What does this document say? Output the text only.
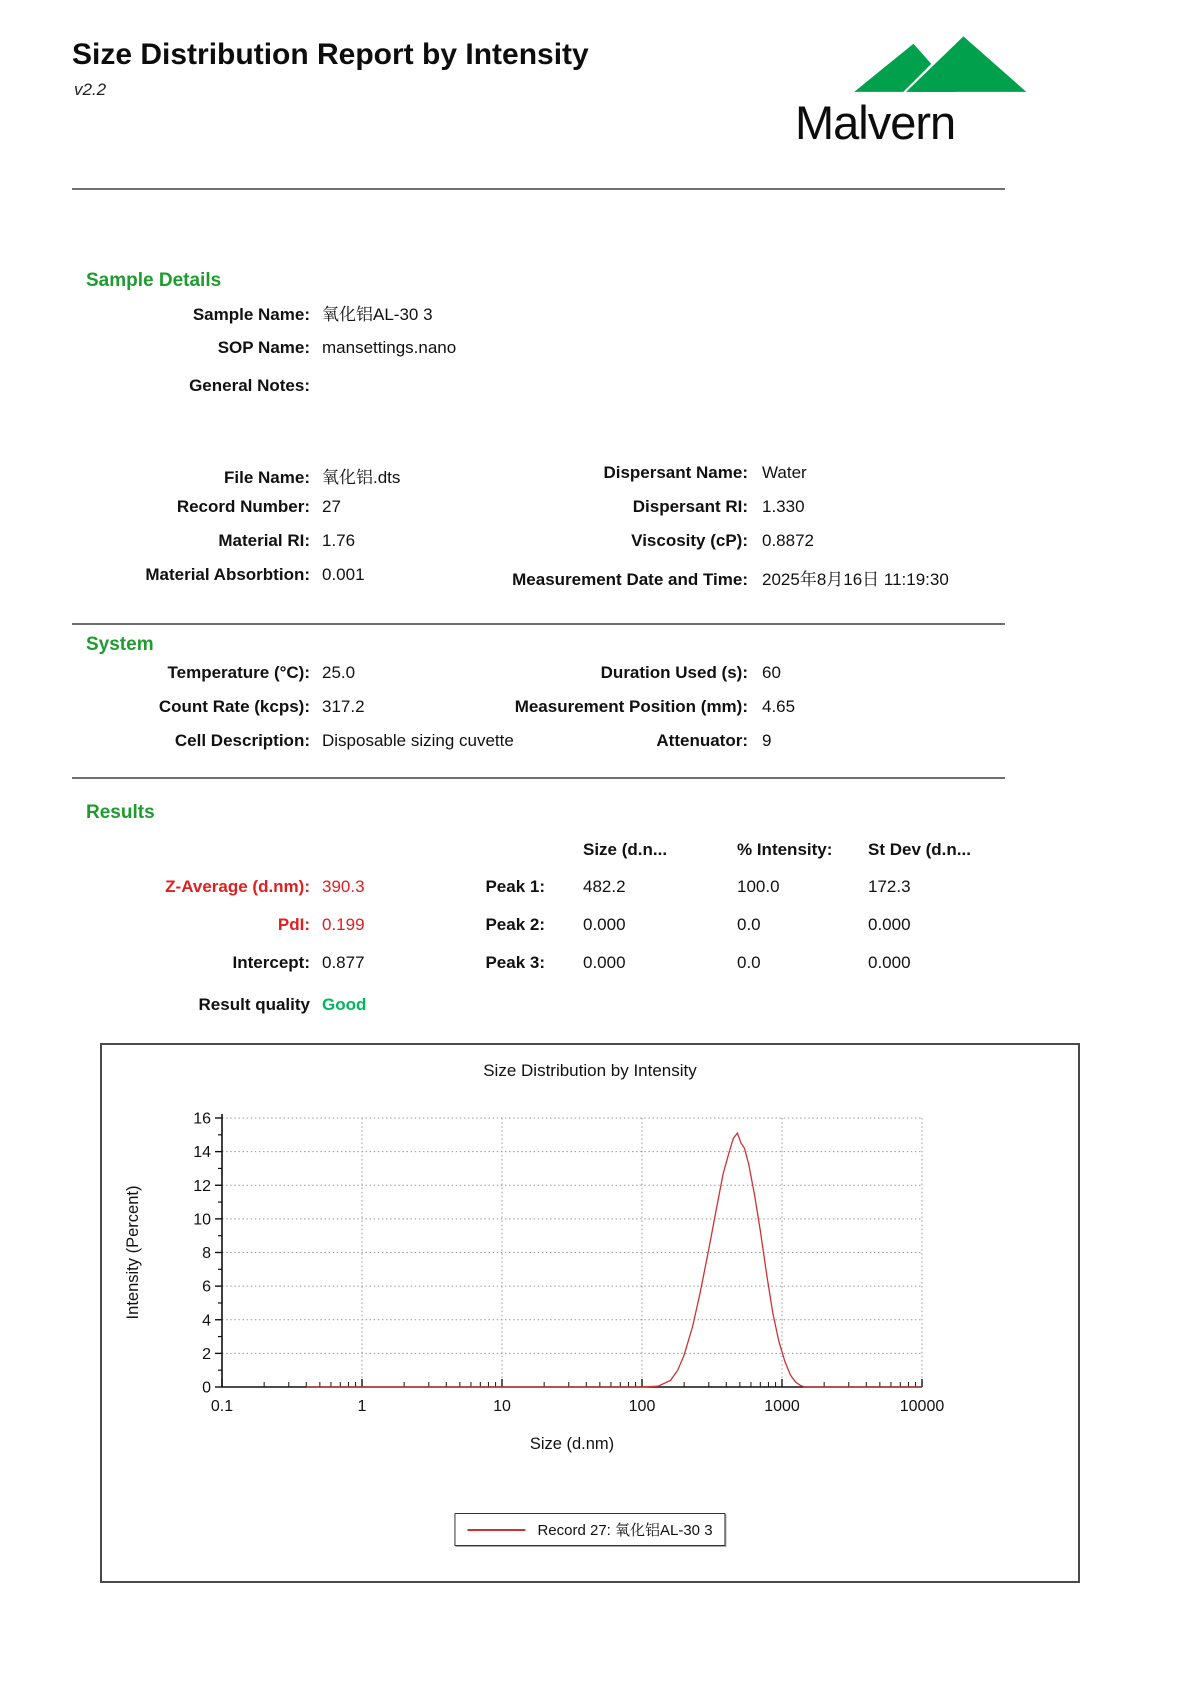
Size Distribution Report by Intensity
v2.2
Malvern
Sample Details
Sample Name: 氧化铝AL-30 3
SOP Name: mansettings.nano
General Notes:
File Name: 氧化铝.dts
Record Number: 27
Material RI: 1.76
Material Absorbtion: 0.001
Dispersant Name: Water
Dispersant RI: 1.330
Viscosity (cP): 0.8872
Measurement Date and Time: 2025年8月16日 11:19:30
System
Temperature (°C): 25.0
Count Rate (kcps): 317.2
Cell Description: Disposable sizing cuvette
Duration Used (s): 60
Measurement Position (mm): 4.65
Attenuator: 9
Results
Size (d.n...	% Intensity: St Dev (d.n...
Z-Average (d.nm): 390.3
PdI: 0.199
Intercept: 0.877
Peak 1: 482.2	100.0	172.3
Peak 2: 0.000	0.0	0.000
Peak 3: 0.000	0.0	0.000
Result quality Good
0
2
4
6
8
10
12
14
16
0.1	1	10	100	1000	10000
Intensity (Percent)
Size (d.nm)
Size Distribution by Intensity
Record 27: 氧化铝AL-30 3
